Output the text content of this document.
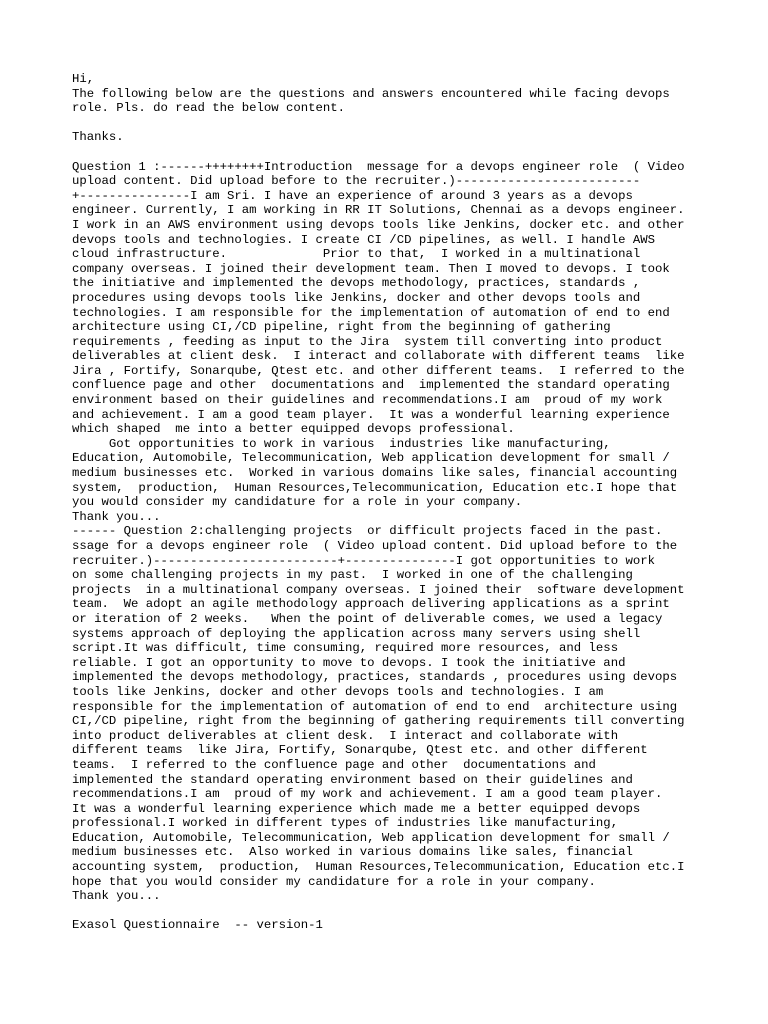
Hi,
The following below are the questions and answers encountered while facing devops
role. Pls. do read the below content.
Thanks.
Question 1 :------++++++++Introduction  message for a devops engineer role  ( Video
upload content. Did upload before to the recruiter.)-------------------------
+---------------I am Sri. I have an experience of around 3 years as a devops
engineer. Currently, I am working in RR IT Solutions, Chennai as a devops engineer.
I work in an AWS environment using devops tools like Jenkins, docker etc. and other
devops tools and technologies. I create CI /CD pipelines, as well. I handle AWS
cloud infrastructure.             Prior to that,  I worked in a multinational
company overseas. I joined their development team. Then I moved to devops. I took
the initiative and implemented the devops methodology, practices, standards ,
procedures using devops tools like Jenkins, docker and other devops tools and
technologies. I am responsible for the implementation of automation of end to end
architecture using CI,/CD pipeline, right from the beginning of gathering
requirements , feeding as input to the Jira  system till converting into product
deliverables at client desk.  I interact and collaborate with different teams  like
Jira , Fortify, Sonarqube, Qtest etc. and other different teams.  I referred to the
confluence page and other  documentations and  implemented the standard operating
environment based on their guidelines and recommendations.I am  proud of my work
and achievement. I am a good team player.  It was a wonderful learning experience
which shaped  me into a better equipped devops professional.
Got opportunities to work in various  industries like manufacturing,
Education, Automobile, Telecommunication, Web application development for small /
medium businesses etc.  Worked in various domains like sales, financial accounting
system,  production,  Human Resources,Telecommunication, Education etc.I hope that
you would consider my candidature for a role in your company.
Thank you...
------ Question 2:challenging projects  or difficult projects faced in the past.
ssage for a devops engineer role  ( Video upload content. Did upload before to the
recruiter.)-------------------------+---------------I got opportunities to work
on some challenging projects in my past.  I worked in one of the challenging
projects  in a multinational company overseas. I joined their  software development
team.  We adopt an agile methodology approach delivering applications as a sprint
or iteration of 2 weeks.   When the point of deliverable comes, we used a legacy
systems approach of deploying the application across many servers using shell
script.It was difficult, time consuming, required more resources, and less
reliable. I got an opportunity to move to devops. I took the initiative and
implemented the devops methodology, practices, standards , procedures using devops
tools like Jenkins, docker and other devops tools and technologies. I am
responsible for the implementation of automation of end to end  architecture using
CI,/CD pipeline, right from the beginning of gathering requirements till converting
into product deliverables at client desk.  I interact and collaborate with
different teams  like Jira, Fortify, Sonarqube, Qtest etc. and other different
teams.  I referred to the confluence page and other  documentations and
implemented the standard operating environment based on their guidelines and
recommendations.I am  proud of my work and achievement. I am a good team player.
It was a wonderful learning experience which made me a better equipped devops
professional.I worked in different types of industries like manufacturing,
Education, Automobile, Telecommunication, Web application development for small /
medium businesses etc.  Also worked in various domains like sales, financial
accounting system,  production,  Human Resources,Telecommunication, Education etc.I
hope that you would consider my candidature for a role in your company.
Thank you...
Exasol Questionnaire  -- version-1
